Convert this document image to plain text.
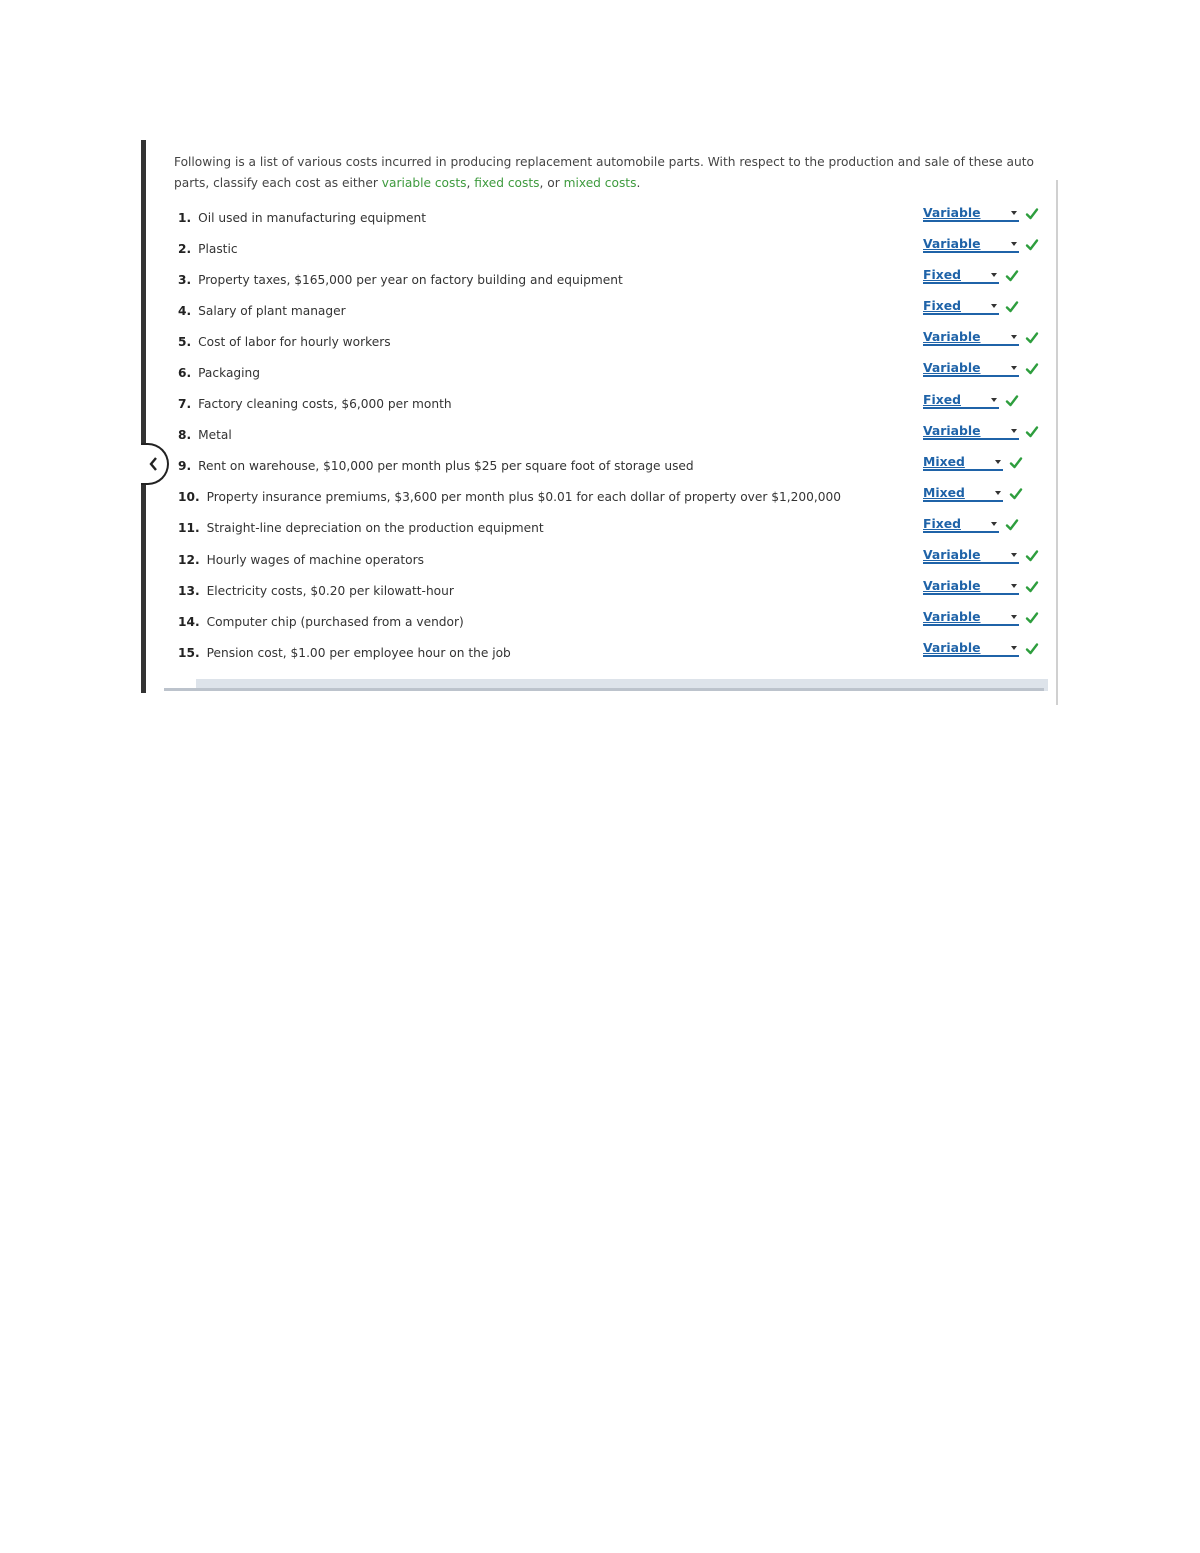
Following is a list of various costs incurred in producing replacement automobile parts. With respect to the production and sale of these auto parts, classify each cost as either variable costs, fixed costs, or mixed costs.
1. Oil used in manufacturing equipment	Variable
2. Plastic	Variable
3. Property taxes, $165,000 per year on factory building and equipment	Fixed
4. Salary of plant manager	Fixed
5. Cost of labor for hourly workers	Variable
6. Packaging	Variable
7. Factory cleaning costs, $6,000 per month	Fixed
8. Metal	Variable
9. Rent on warehouse, $10,000 per month plus $25 per square foot of storage used	Mixed
10. Property insurance premiums, $3,600 per month plus $0.01 for each dollar of property over $1,200,000	Mixed
11. Straight-line depreciation on the production equipment	Fixed
12. Hourly wages of machine operators	Variable
13. Electricity costs, $0.20 per kilowatt-hour	Variable
14. Computer chip (purchased from a vendor)	Variable
15. Pension cost, $1.00 per employee hour on the job	Variable
